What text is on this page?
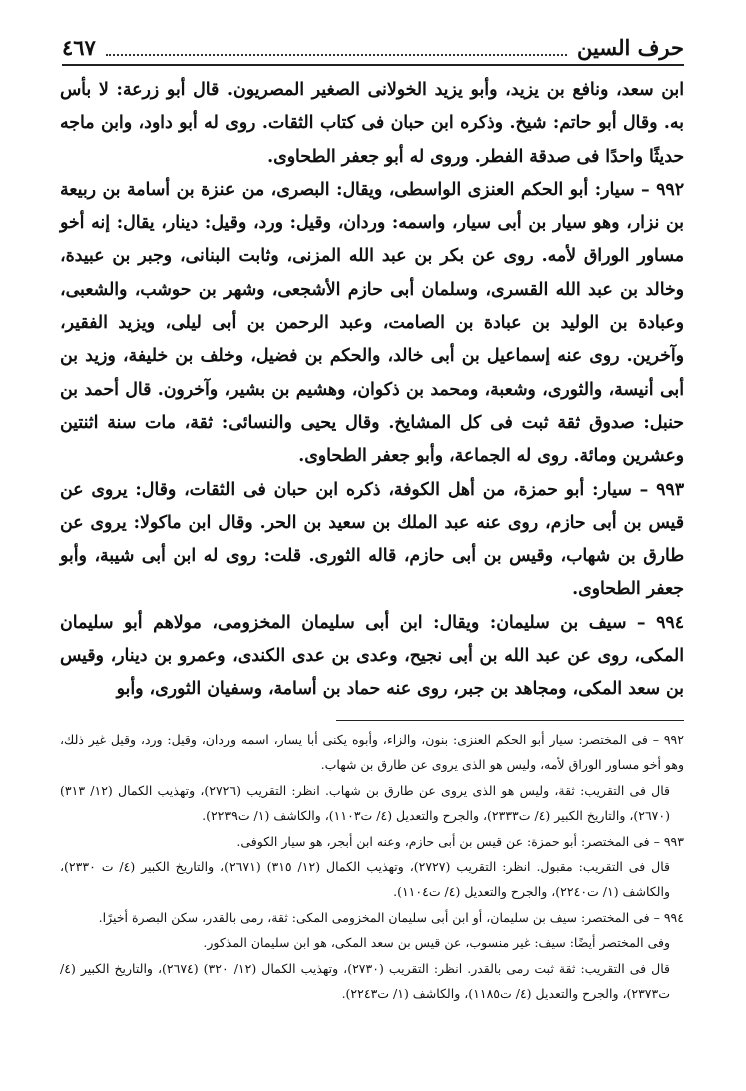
حرف السين
٤٦٧

ابن سعد، ونافع بن يزيد، وأبو يزيد الخولانى الصغير المصريون. قال أبو زرعة: لا بأس به. وقال أبو حاتم: شيخ. وذكره ابن حبان فى كتاب الثقات. روى له أبو داود، وابن ماجه حديثًا واحدًا فى صدقة الفطر. وروى له أبو جعفر الطحاوى.

٩٩٢ – سيار: أبو الحكم العنزى الواسطى، ويقال: البصرى، من عنزة بن أسامة بن ربيعة بن نزار، وهو سيار بن أبى سيار، واسمه: وردان، وقيل: ورد، وقيل: دينار، يقال: إنه أخو مساور الوراق لأمه. روى عن بكر بن عبد الله المزنى، وثابت البنانى، وجبر بن عبيدة، وخالد بن عبد الله القسرى، وسلمان أبى حازم الأشجعى، وشهر بن حوشب، والشعبى، وعبادة بن الوليد بن عبادة بن الصامت، وعبد الرحمن بن أبى ليلى، ويزيد الفقير، وآخرين. روى عنه إسماعيل بن أبى خالد، والحكم بن فضيل، وخلف بن خليفة، وزيد بن أبى أنيسة، والثورى، وشعبة، ومحمد بن ذكوان، وهشيم بن بشير، وآخرون. قال أحمد بن حنبل: صدوق ثقة ثبت فى كل المشايخ. وقال يحيى والنسائى: ثقة، مات سنة اثنتين وعشرين ومائة. روى له الجماعة، وأبو جعفر الطحاوى.

٩٩٣ – سيار: أبو حمزة، من أهل الكوفة، ذكره ابن حبان فى الثقات، وقال: يروى عن قيس بن أبى حازم، روى عنه عبد الملك بن سعيد بن الحر. وقال ابن ماكولا: يروى عن طارق بن شهاب، وقيس بن أبى حازم، قاله الثورى. قلت: روى له ابن أبى شيبة، وأبو جعفر الطحاوى.

٩٩٤ – سيف بن سليمان: ويقال: ابن أبى سليمان المخزومى، مولاهم أبو سليمان المكى، روى عن عبد الله بن أبى نجيح، وعدى بن عدى الكندى، وعمرو بن دينار، وقيس بن سعد المكى، ومجاهد بن جبر، روى عنه حماد بن أسامة، وسفيان الثورى، وأبو

٩٩٢ – فى المختصر: سيار أبو الحكم العنزى: بنون، والزاء، وأبوه يكنى أبا يسار، اسمه وردان، وقيل: ورد، وقيل غير ذلك، وهو أخو مساور الوراق لأمه، وليس هو الذى يروى عن طارق بن شهاب.

قال فى التقريب: ثقة، وليس هو الذى يروى عن طارق بن شهاب. انظر: التقريب (٢٧٢٦)، وتهذيب الكمال (١٢/ ٣١٣) (٢٦٧٠)، والتاريخ الكبير (٤/ ت٢٣٣٣)، والجرح والتعديل (٤/ ت١١٠٣)، والكاشف (١/ ت٢٢٣٩).

٩٩٣ – فى المختصر: أبو حمزة: عن قيس بن أبى حازم، وعنه ابن أبجر، هو سيار الكوفى.

قال فى التقريب: مقبول. انظر: التقريب (٢٧٢٧)، وتهذيب الكمال (١٢/ ٣١٥) (٢٦٧١)، والتاريخ الكبير (٤/ ت ٢٣٣٠)، والكاشف (١/ ت٢٢٤٠)، والجرح والتعديل (٤/ ت١١٠٤).

٩٩٤ – فى المختصر: سيف بن سليمان، أو ابن أبى سليمان المخزومى المكى: ثقة، رمى بالقدر، سكن البصرة أخيرًا.

وفى المختصر أيضًا: سيف: غير منسوب، عن قيس بن سعد المكى، هو ابن سليمان المذكور.

قال فى التقريب: ثقة ثبت رمى بالقدر. انظر: التقريب (٢٧٣٠)، وتهذيب الكمال (١٢/ ٣٢٠) (٢٦٧٤)، والتاريخ الكبير (٤/ ت٢٣٧٣)، والجرح والتعديل (٤/ ت١١٨٥)، والكاشف (١/ ت٢٢٤٣).
